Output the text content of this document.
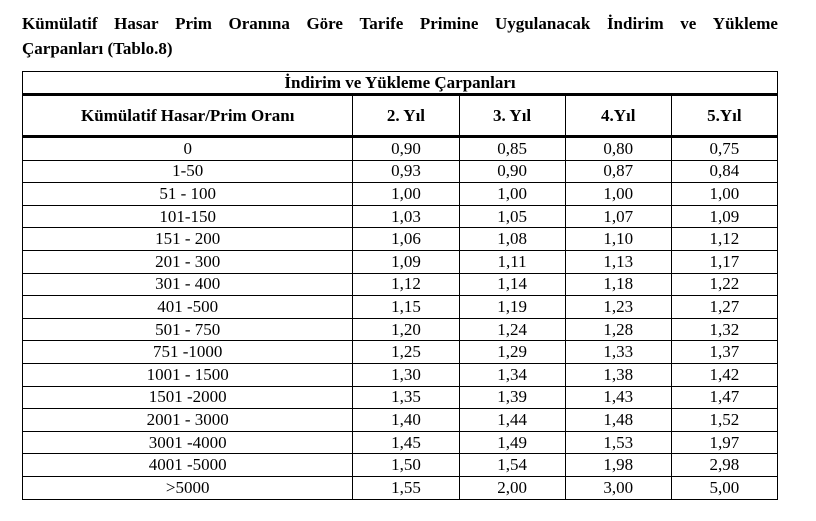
Kümülatif Hasar Prim Oranına Göre Tarife Primine Uygulanacak İndirim ve Yükleme
Çarpanları (Tablo.8)
İndirim ve Yükleme Çarpanları				
Kümülatif Hasar/Prim Oranı	2. Yıl	3. Yıl	4.Yıl	5.Yıl
0	0,90	0,85	0,80	0,75
1-50	0,93	0,90	0,87	0,84
51 - 100	1,00	1,00	1,00	1,00
101-150	1,03	1,05	1,07	1,09
151 - 200	1,06	1,08	1,10	1,12
201 - 300	1,09	1,11	1,13	1,17
301 - 400	1,12	1,14	1,18	1,22
401 -500	1,15	1,19	1,23	1,27
501 - 750	1,20	1,24	1,28	1,32
751 -1000	1,25	1,29	1,33	1,37
1001 - 1500	1,30	1,34	1,38	1,42
1501 -2000	1,35	1,39	1,43	1,47
2001 - 3000	1,40	1,44	1,48	1,52
3001 -4000	1,45	1,49	1,53	1,97
4001 -5000	1,50	1,54	1,98	2,98
>5000	1,55	2,00	3,00	5,00
